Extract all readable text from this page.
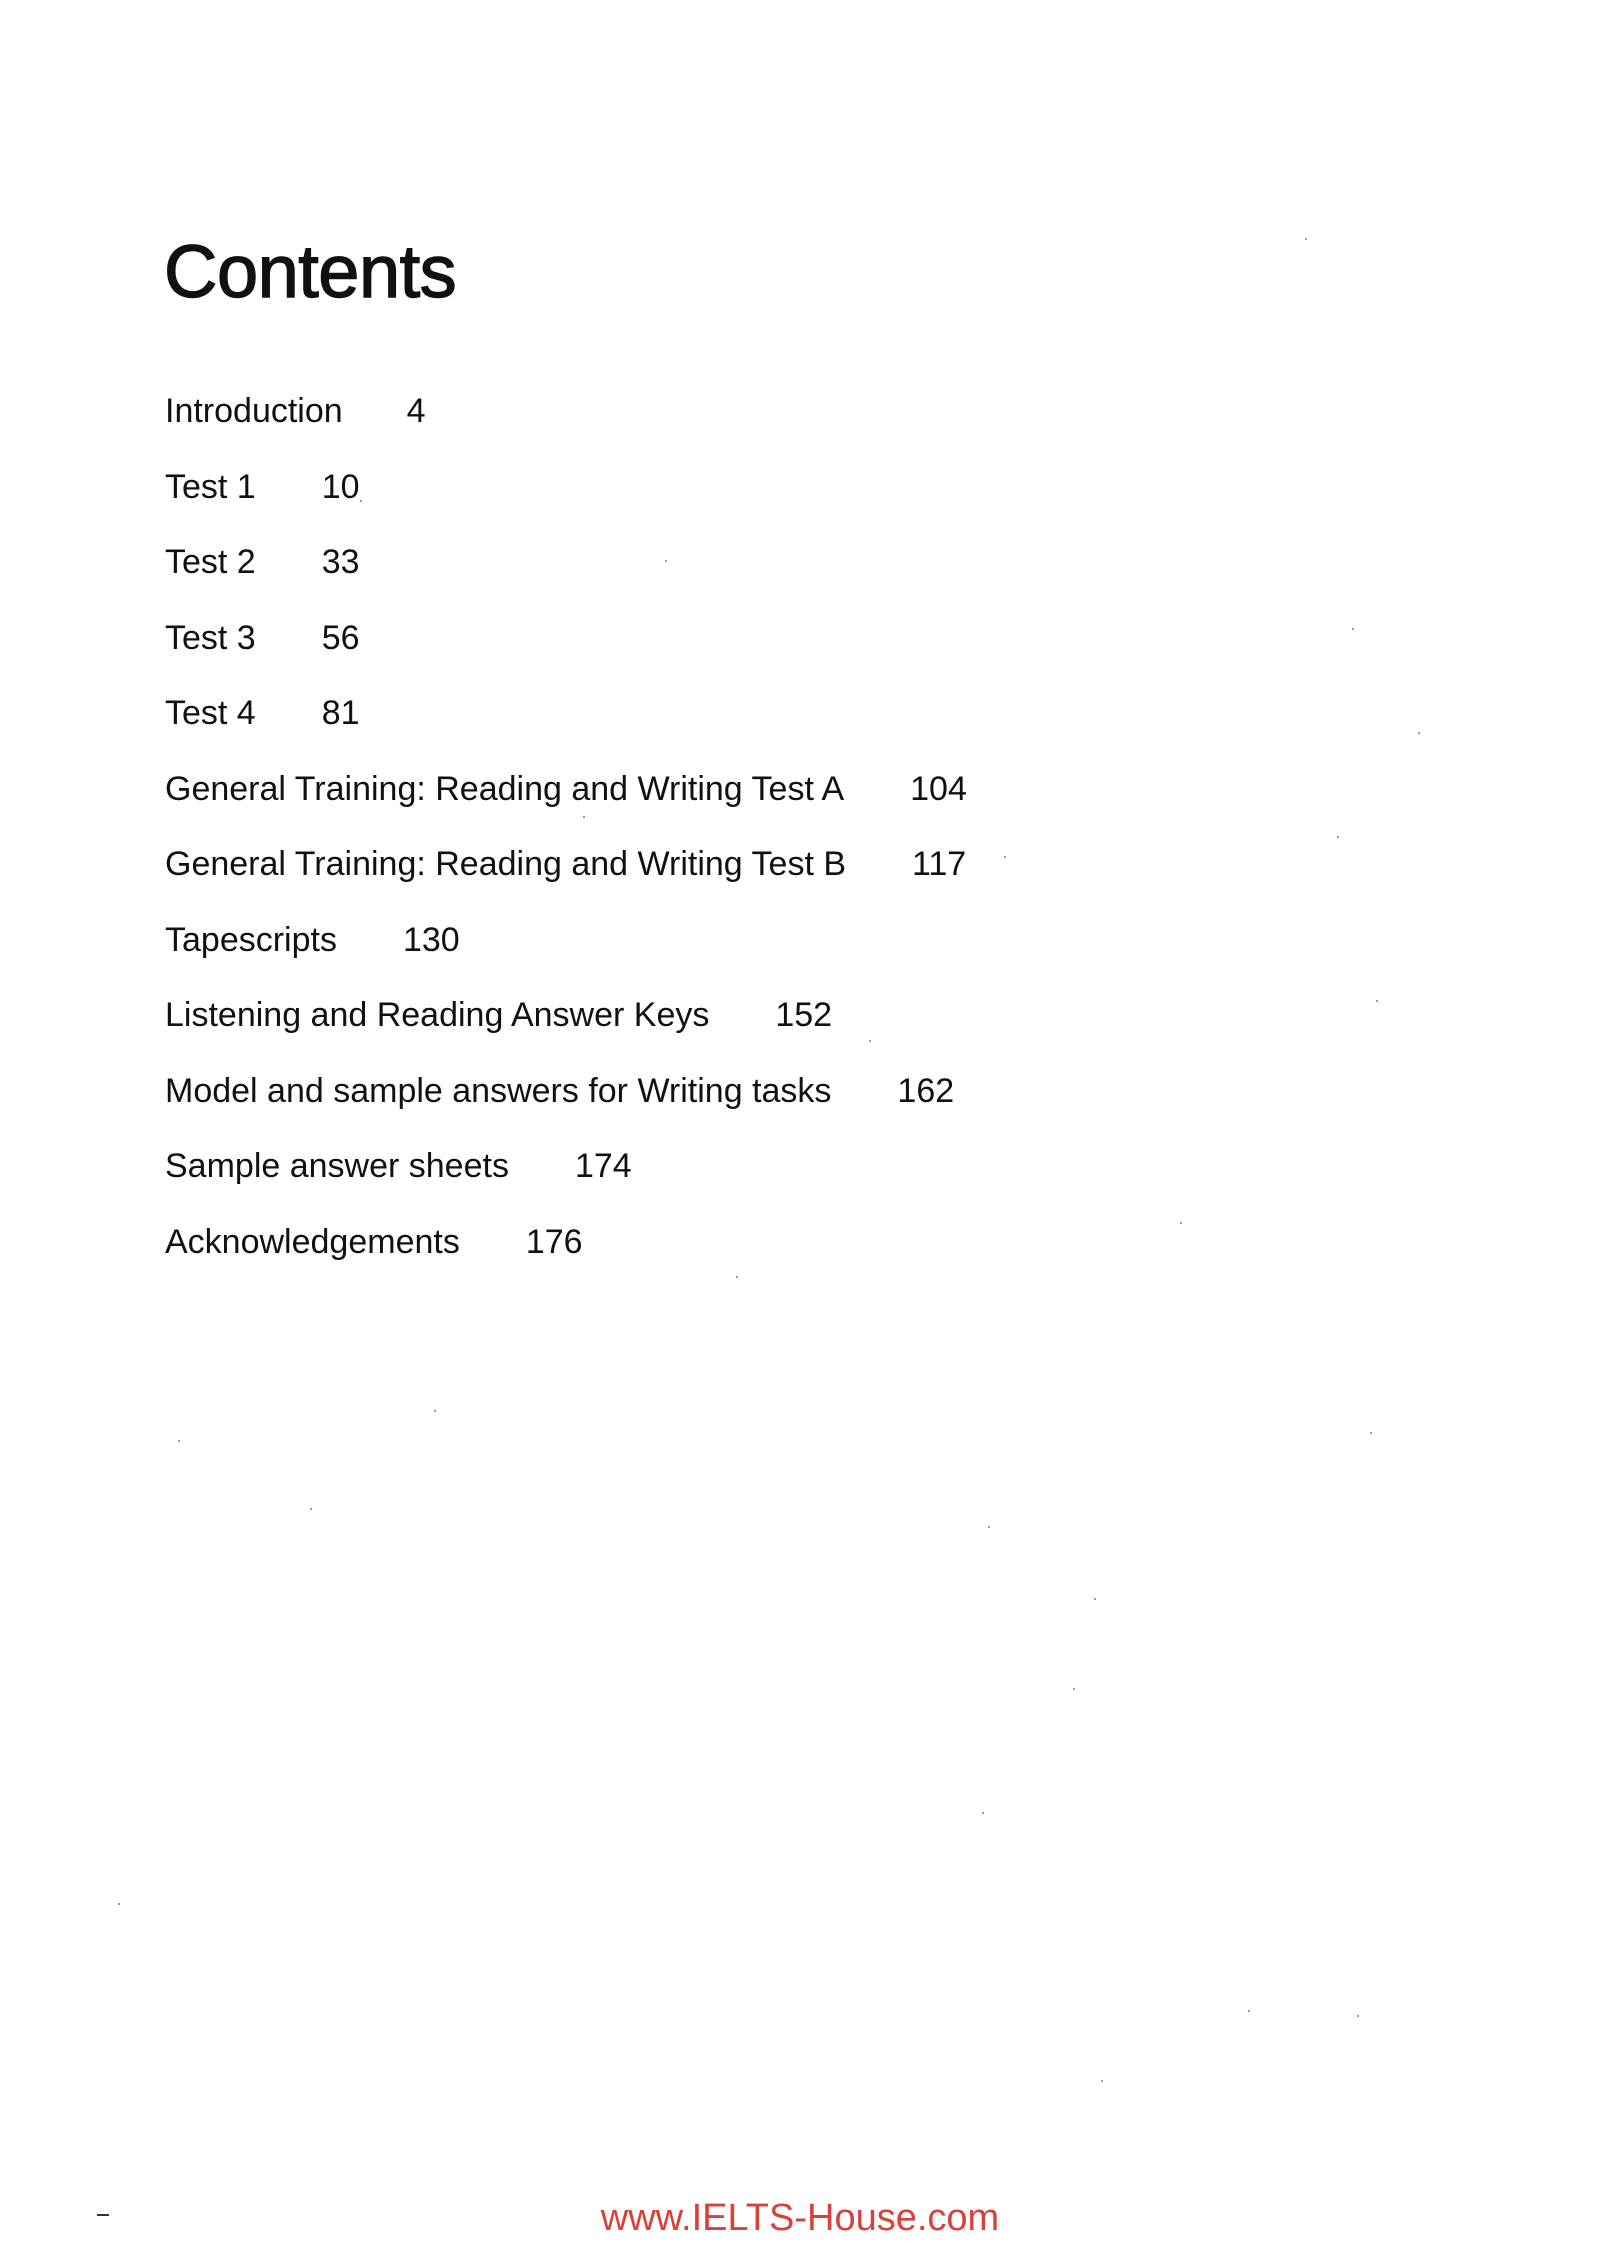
Contents
Introduction 4
Test 1 10
Test 2 33
Test 3 56
Test 4 81
General Training: Reading and Writing Test A 104
General Training: Reading and Writing Test B 117
Tapescripts 130
Listening and Reading Answer Keys 152
Model and sample answers for Writing tasks 162
Sample answer sheets 174
Acknowledgements 176
www.IELTS-House.com
